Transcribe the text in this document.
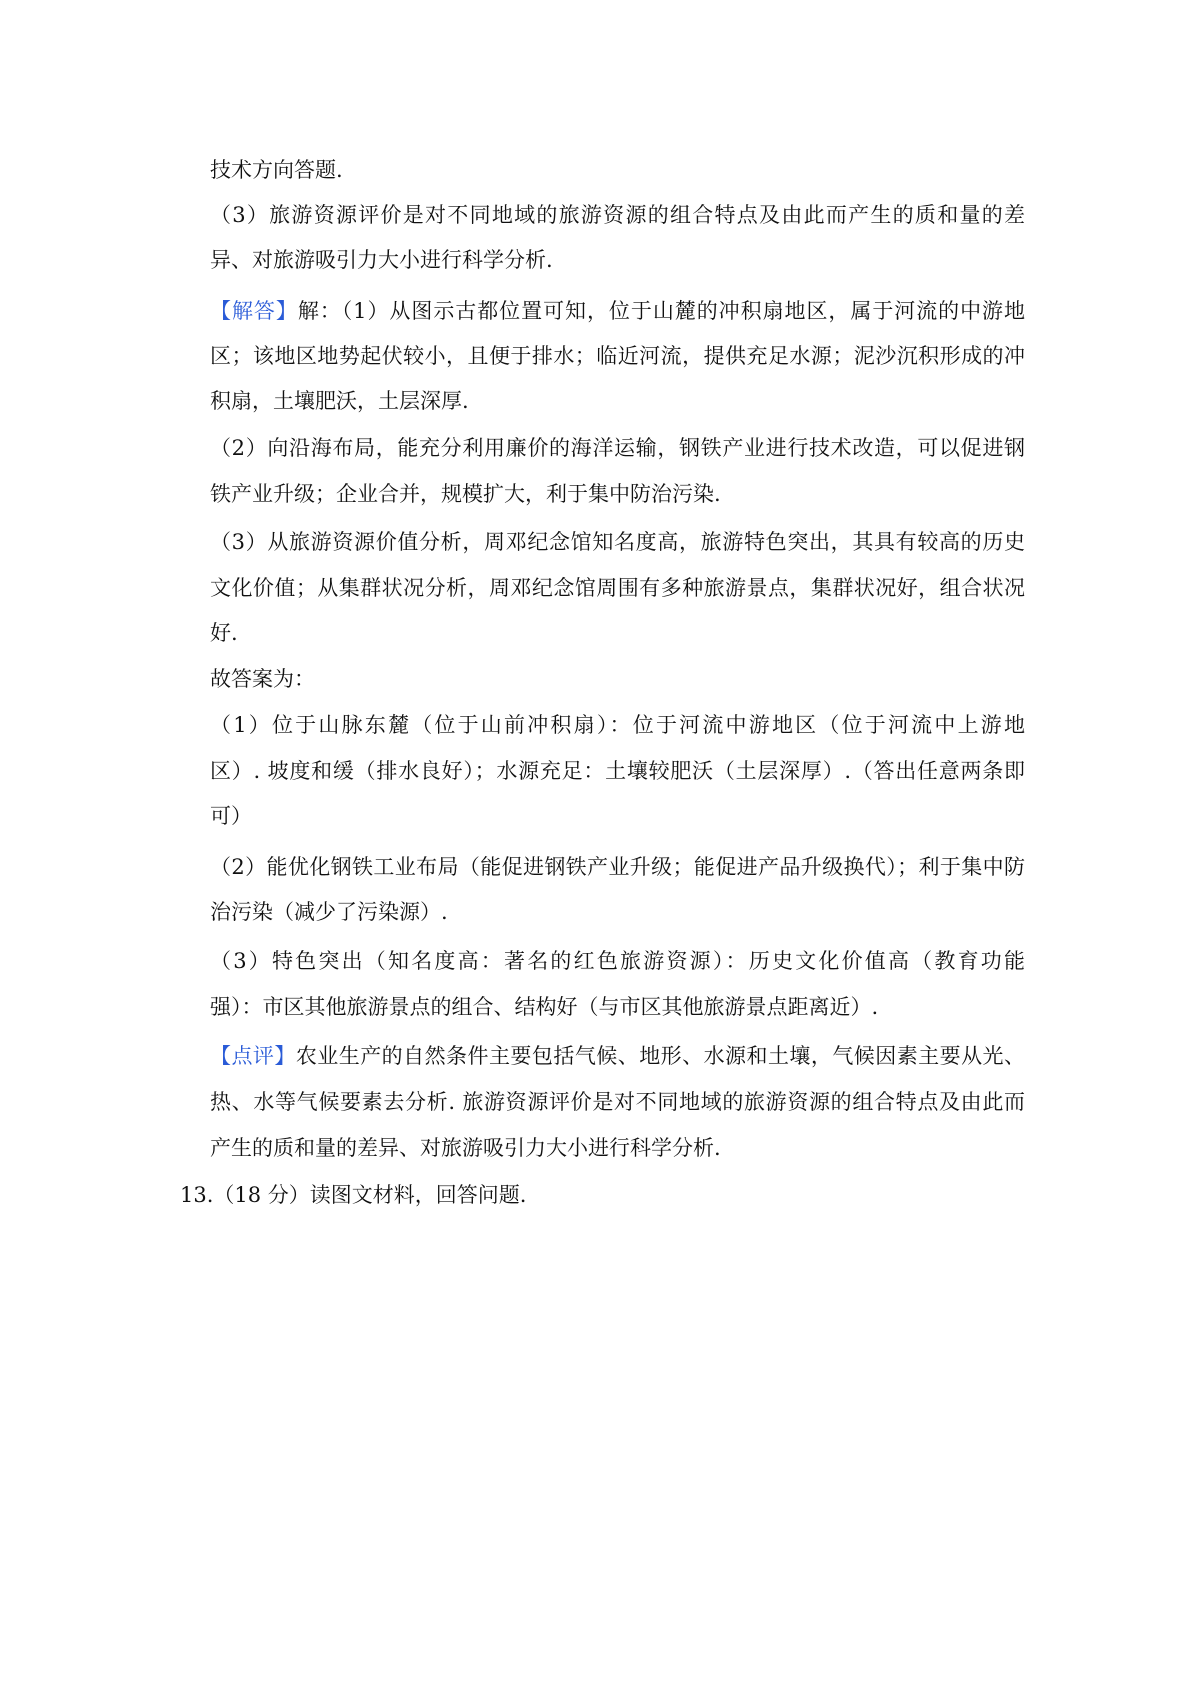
技术方向答题.
（3）旅游资源评价是对不同地域的旅游资源的组合特点及由此而产生的质和量的差
异、对旅游吸引力大小进行科学分析.
【解答】解：（1）从图示古都位置可知，位于山麓的冲积扇地区，属于河流的中游地
区；该地区地势起伏较小，且便于排水；临近河流，提供充足水源；泥沙沉积形成的冲
积扇，土壤肥沃，土层深厚.
（2）向沿海布局，能充分利用廉价的海洋运输，钢铁产业进行技术改造，可以促进钢
铁产业升级；企业合并，规模扩大，利于集中防治污染.
（3）从旅游资源价值分析，周邓纪念馆知名度高，旅游特色突出，其具有较高的历史
文化价值；从集群状况分析，周邓纪念馆周围有多种旅游景点，集群状况好，组合状况
好.
故答案为：
（1）位于山脉东麓（位于山前冲积扇）：位于河流中游地区（位于河流中上游地
区）. 坡度和缓（排水良好）；水源充足：土壤较肥沃（土层深厚）.（答出任意两条即
可）
（2）能优化钢铁工业布局（能促进钢铁产业升级；能促进产品升级换代）；利于集中防
治污染（减少了污染源）.
（3）特色突出（知名度高：著名的红色旅游资源）：历史文化价值高（教育功能
强）：市区其他旅游景点的组合、结构好（与市区其他旅游景点距离近）.
【点评】农业生产的自然条件主要包括气候、地形、水源和土壤，气候因素主要从光、
热、水等气候要素去分析. 旅游资源评价是对不同地域的旅游资源的组合特点及由此而
产生的质和量的差异、对旅游吸引力大小进行科学分析.
13.（18 分）读图文材料，回答问题.
